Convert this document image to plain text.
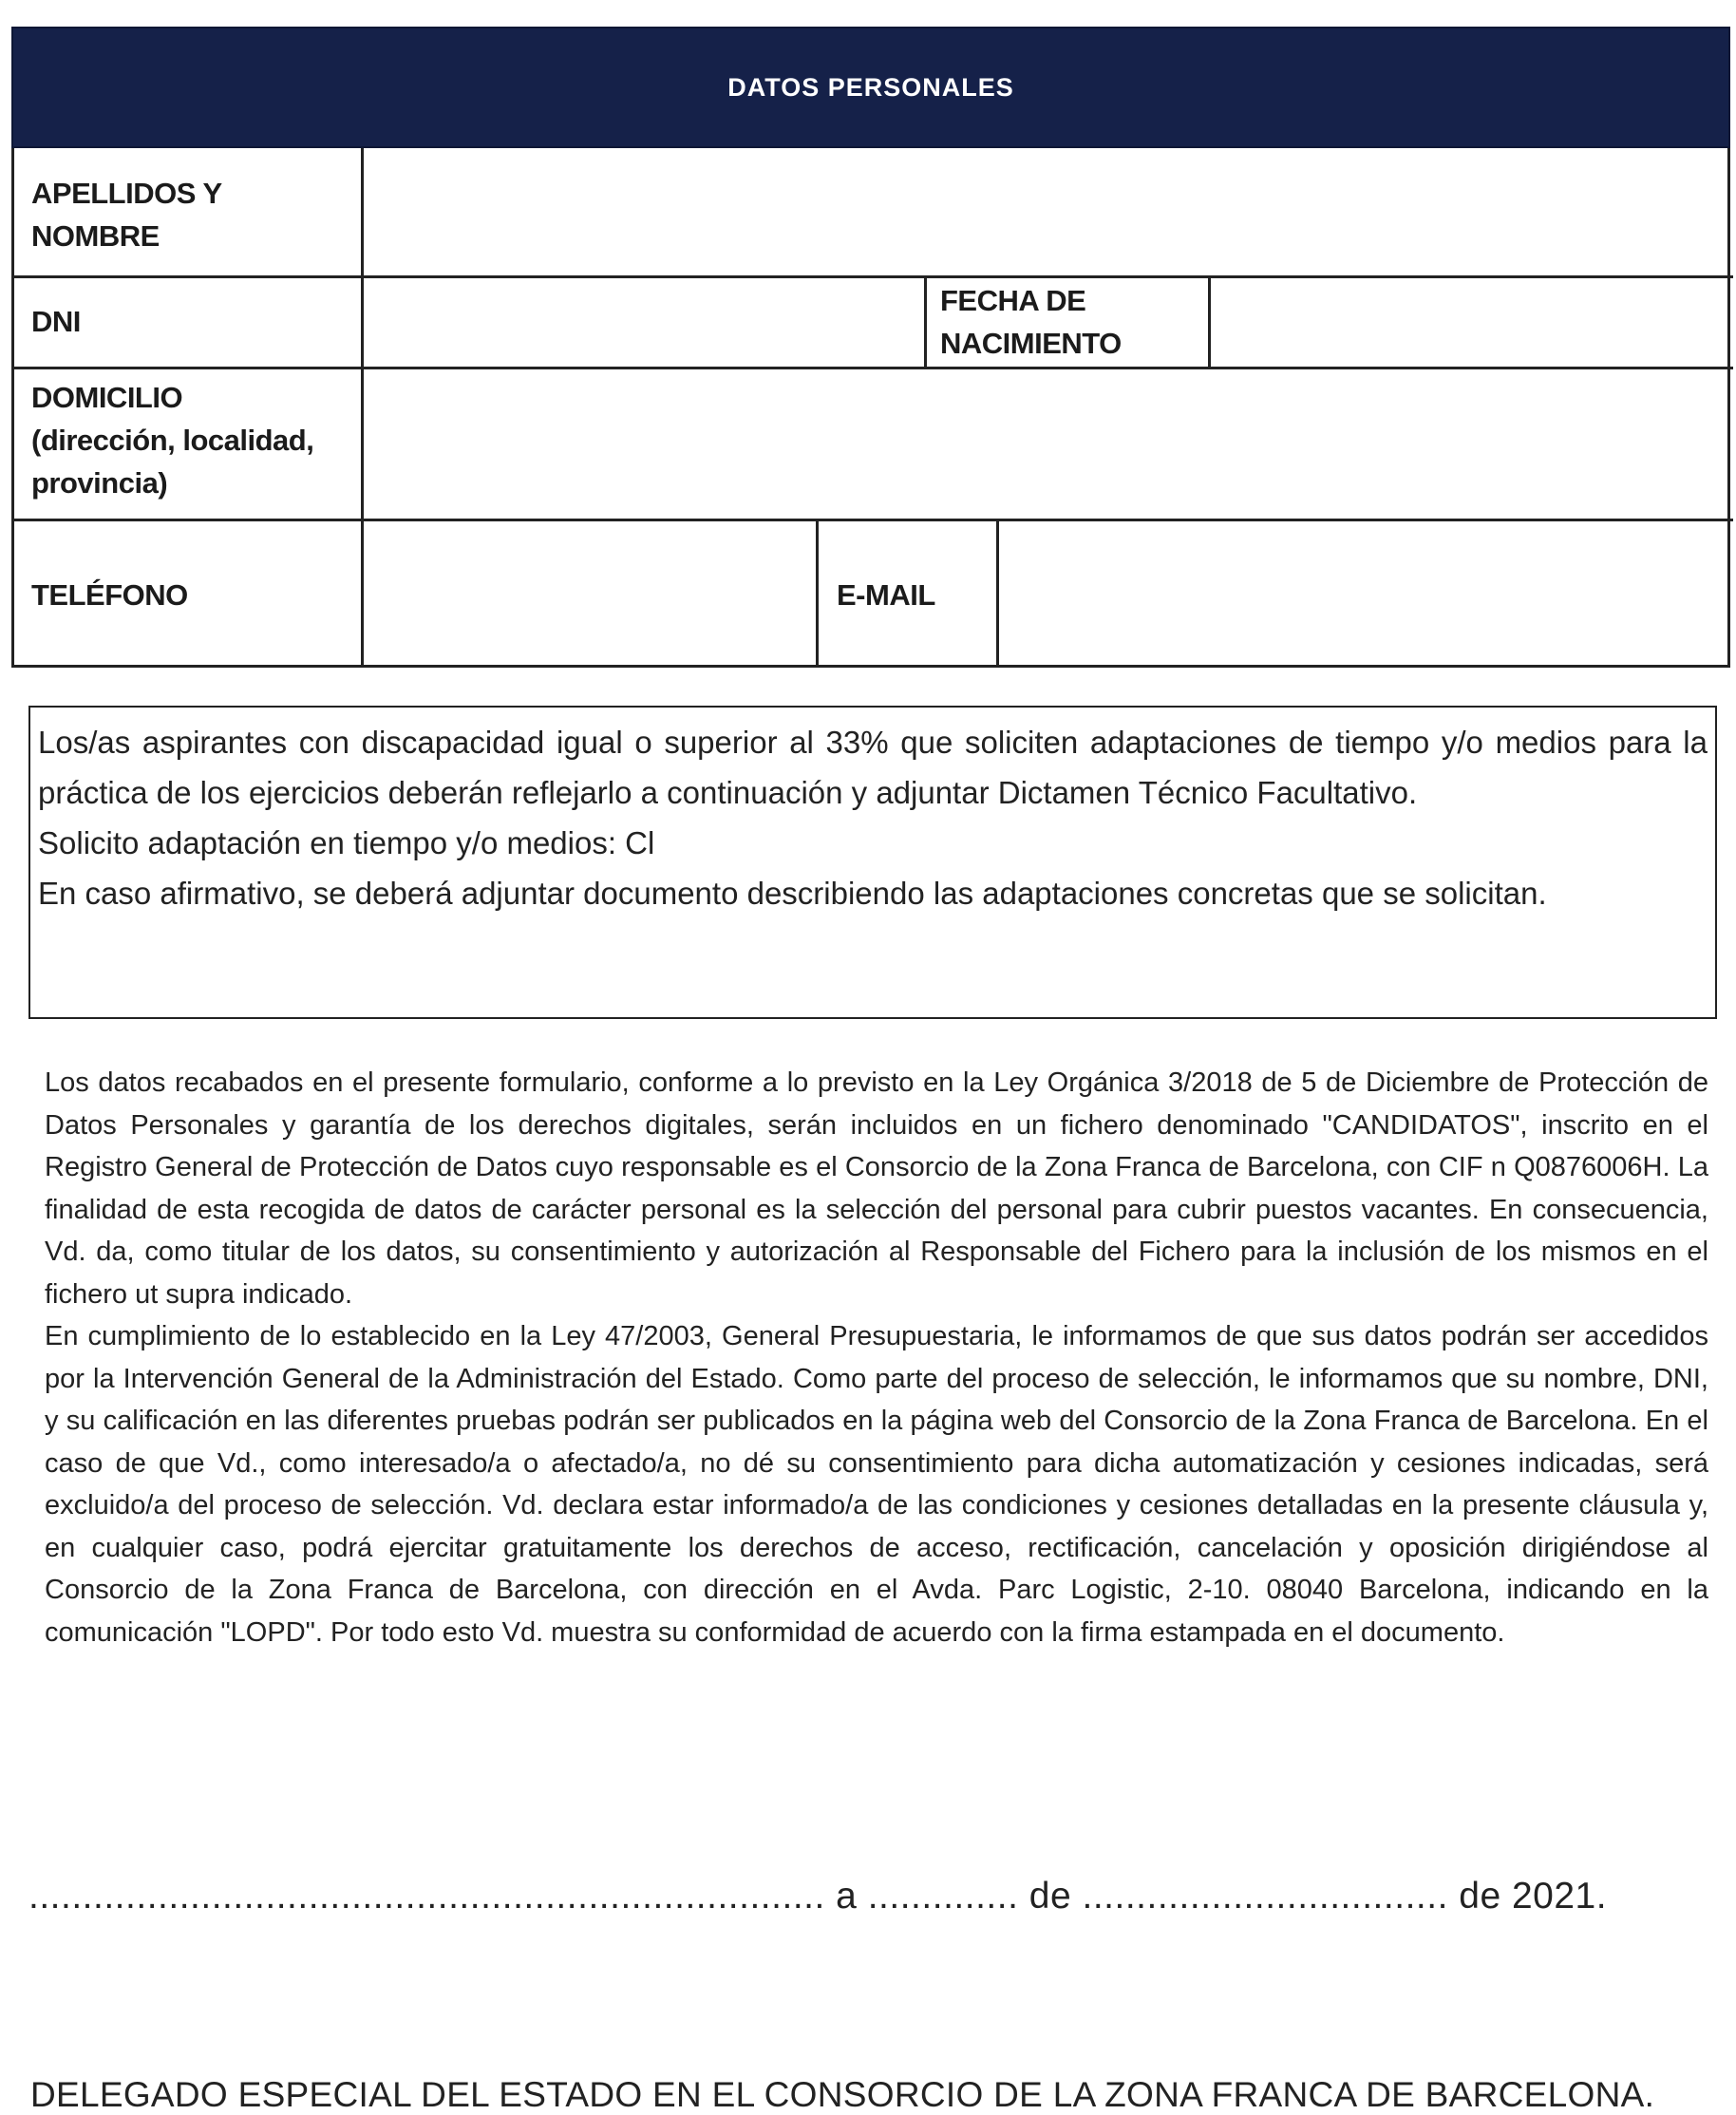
DATOS PERSONALES
APELLIDOS Y
NOMBRE
DNI
FECHA DE
NACIMIENTO
DOMICILIO
(dirección, localidad,
provincia)
TELÉFONO	E-MAIL

Los/as aspirantes con discapacidad igual o superior al 33% que soliciten adaptaciones de tiempo y/o medios para la práctica de los ejercicios deberán reflejarlo a continuación y adjuntar Dictamen Técnico Facultativo.

Solicito adaptación en tiempo y/o medios: Cl

En caso afirmativo, se deberá adjuntar documento describiendo las adaptaciones concretas que se solicitan.

Los datos recabados en el presente formulario, conforme a lo previsto en la Ley Orgánica 3/2018 de 5 de Diciembre de Protección de Datos Personales y garantía de los derechos digitales, serán incluidos en un fichero denominado "CANDIDATOS", inscrito en el Registro General de Protección de Datos cuyo responsable es el Consorcio de la Zona Franca de Barcelona, con CIF n Q0876006H. La finalidad de esta recogida de datos de carácter personal es la selección del personal para cubrir puestos vacantes. En consecuencia, Vd. da, como titular de los datos, su consentimiento y autorización al Responsable del Fichero para la inclusión de los mismos en el fichero ut supra indicado.

En cumplimiento de lo establecido en la Ley 47/2003, General Presupuestaria, le informamos de que sus datos podrán ser accedidos por la Intervención General de la Administración del Estado. Como parte del proceso de selección, le informamos que su nombre, DNI, y su calificación en las diferentes pruebas podrán ser publicados en la página web del Consorcio de la Zona Franca de Barcelona. En el caso de que Vd., como interesado/a o afectado/a, no dé su consentimiento para dicha automatización y cesiones indicadas, será excluido/a del proceso de selección. Vd. declara estar informado/a de las condiciones y cesiones detalladas en la presente cláusula y, en cualquier caso, podrá ejercitar gratuitamente los derechos de acceso, rectificación, cancelación y oposición dirigiéndose al Consorcio de la Zona Franca de Barcelona, con dirección en el Avda. Parc Logistic, 2-10. 08040 Barcelona, indicando en la comunicación "LOPD". Por todo esto Vd. muestra su conformidad de acuerdo con la firma estampada en el documento.

.......................................................................... a .............. de .................................. de 2021.
DELEGADO ESPECIAL DEL ESTADO EN EL CONSORCIO DE LA ZONA FRANCA DE BARCELONA.
